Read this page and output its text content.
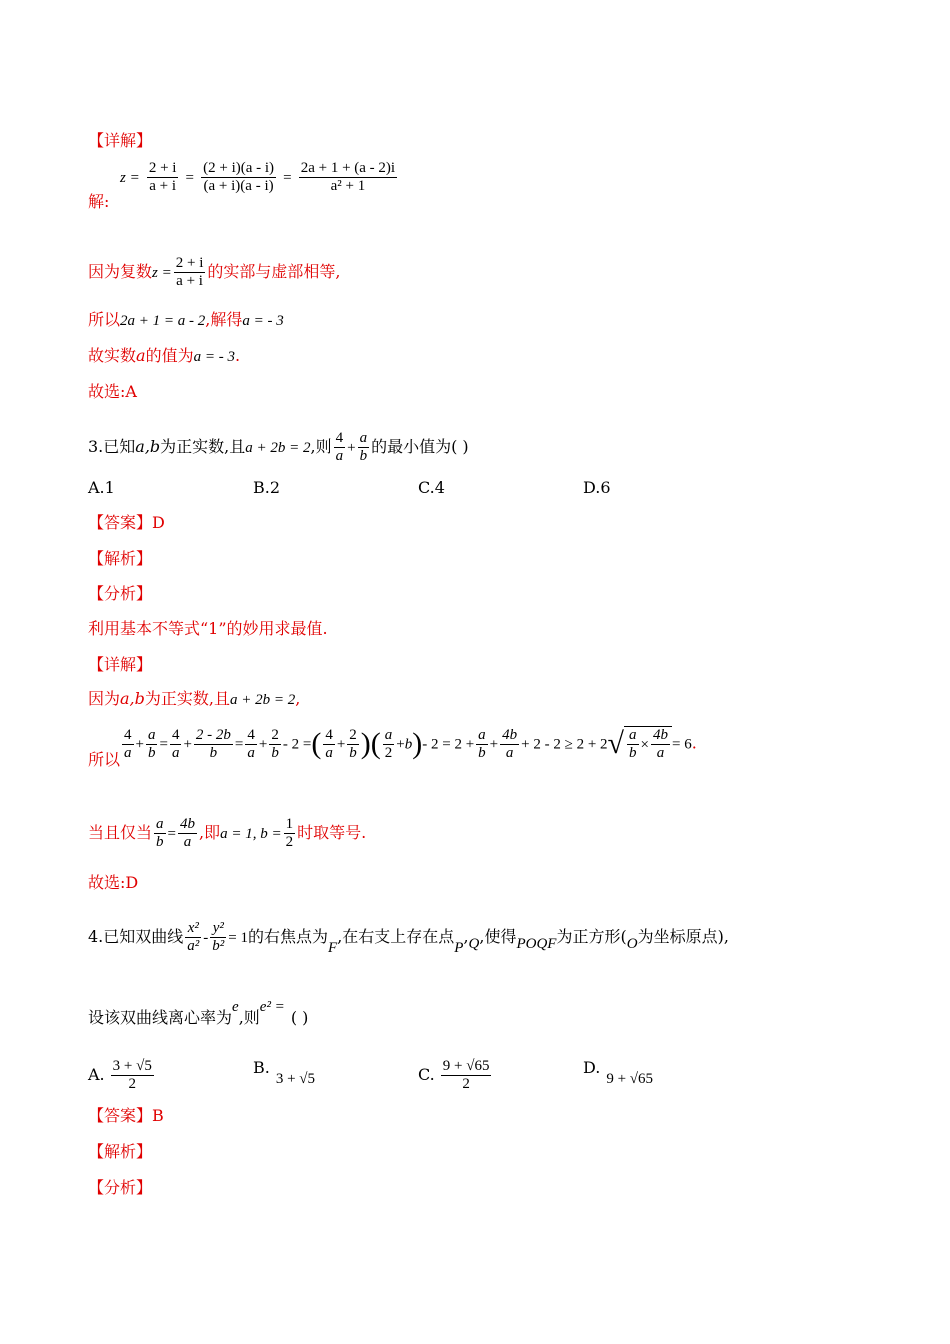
【详解】
解:
$z = \frac{2 + i}{a + i} = \frac{(2 + i)(a - i)}{(a + i)(a - i)} = \frac{2a + 1 + (a - 2)i}{\text{a² + 1}}$
因为复数$z = \frac{2 + i}{a + i}$ 的实部与虚部相等,
所以2a + 1 = a - 2,解得a = - 3
故实数a的值为a = - 3.
故选:A
3.已知a,b为正实数,且a + 2b = 2,则 $\frac{4}{a} + \frac{a}{b}$ 的最小值为( )
A.1	B.2	C.4	D.6
【答案】D
【解析】
【分析】
利用基本不等式“1”的妙用求最值.
【详解】
因为a,b为正实数,且a + 2b = 2,
所以 $\frac{4}{a} + \frac{a}{b} = \frac{4}{a} + \frac{2 - 2b}{b} = \frac{4}{a} + \frac{2}{b} - 2$ =( $\frac{4}{a} + \frac{2}{b}$ )( $\frac{a}{2} +b)-$ $2 = 2 + \frac{a}{b} + \frac{4b}{a} + 2 - 2 \ge 2 + 2√ \frac{a}{b} \times \frac{4b}{a} = 6$.
当且仅当 $\frac{a}{b} = \frac{4b}{a}$ ,即a = 1, $b = \frac{1}{2}$ 时取等号.
故选:D
4.已知双曲线 $\frac{\text{x²}}{\text{a²}} - \frac{\text{y²}}{\text{b²}} = 1$的右焦点为F,在右支上存在点P,Q,使得POQF为正方形(O为坐标原点),
设该双曲线离心率为e,则e² =( )
A. $\frac{3 + √5}{2}$	B.3 + √5	C. $\frac{9 + √65}{2}$	D.9 + √65
【答案】B
【解析】
【分析】
